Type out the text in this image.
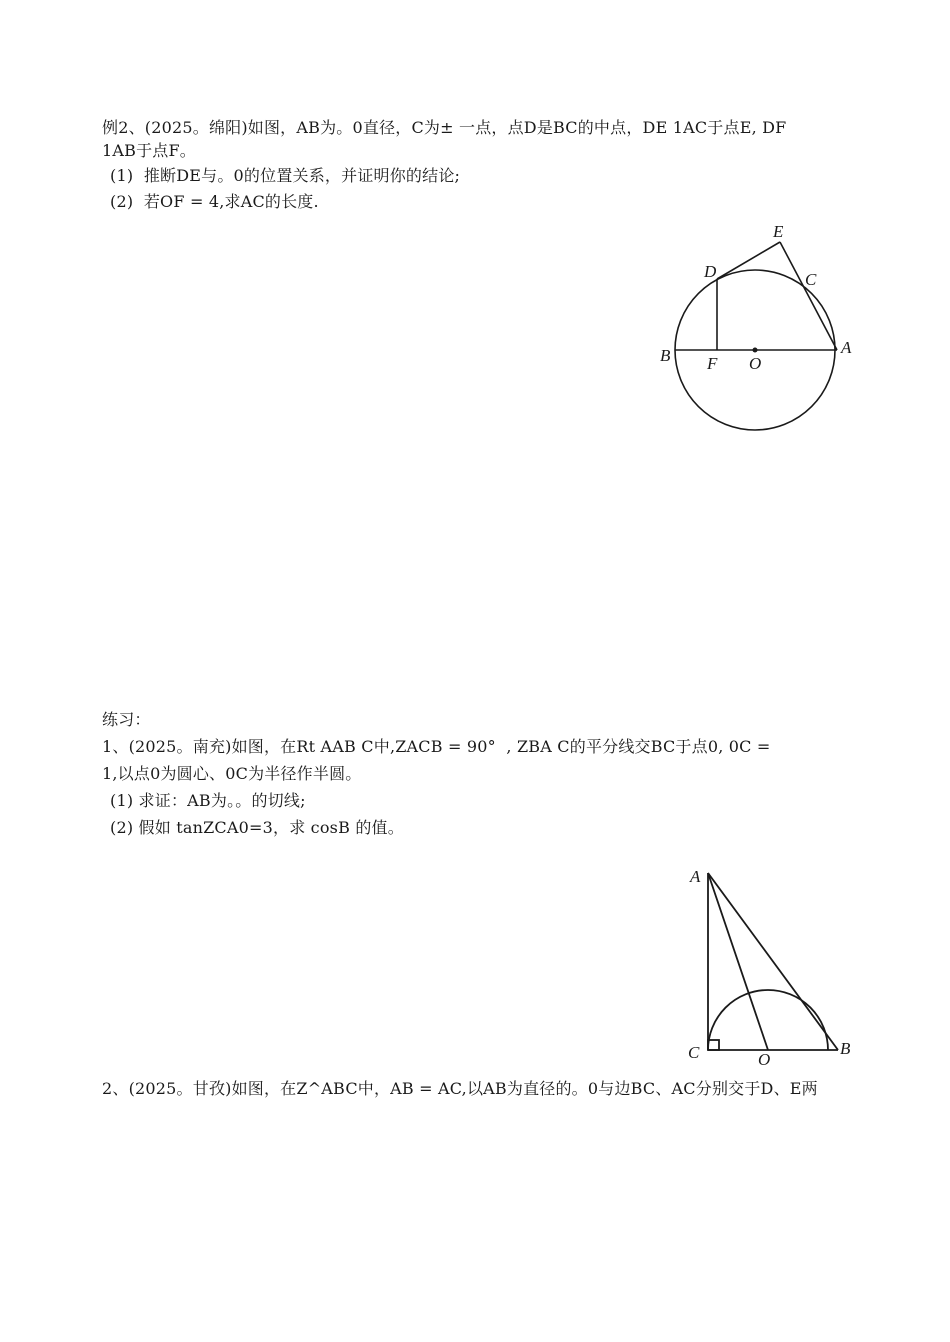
例2、(2025。绵阳)如图，AB为。0直径，C为± 一点，点D是BC的中点，DE 1AC于点E, DF
1AB于点F。
(1)  推断DE与。0的位置关系，并证明你的结论;
(2)  若OF = 4,求AC的长度.
E
D	C
B F O
A
练习：
1、(2025。南充)如图，在Rt AAB C中,ZACB = 90°  , ZBA C的平分线交BC于点0, 0C =
1,以点0为圆心、0C为半径作半圆。
(1) 求证：AB为。。的切线;
(2) 假如 tanZCA0=3，求 cosB 的值。
A
C	O
B
2、(2025。甘孜)如图，在Z^ABC中，AB = AC,以AB为直径的。0与边BC、AC分别交于D、E两
